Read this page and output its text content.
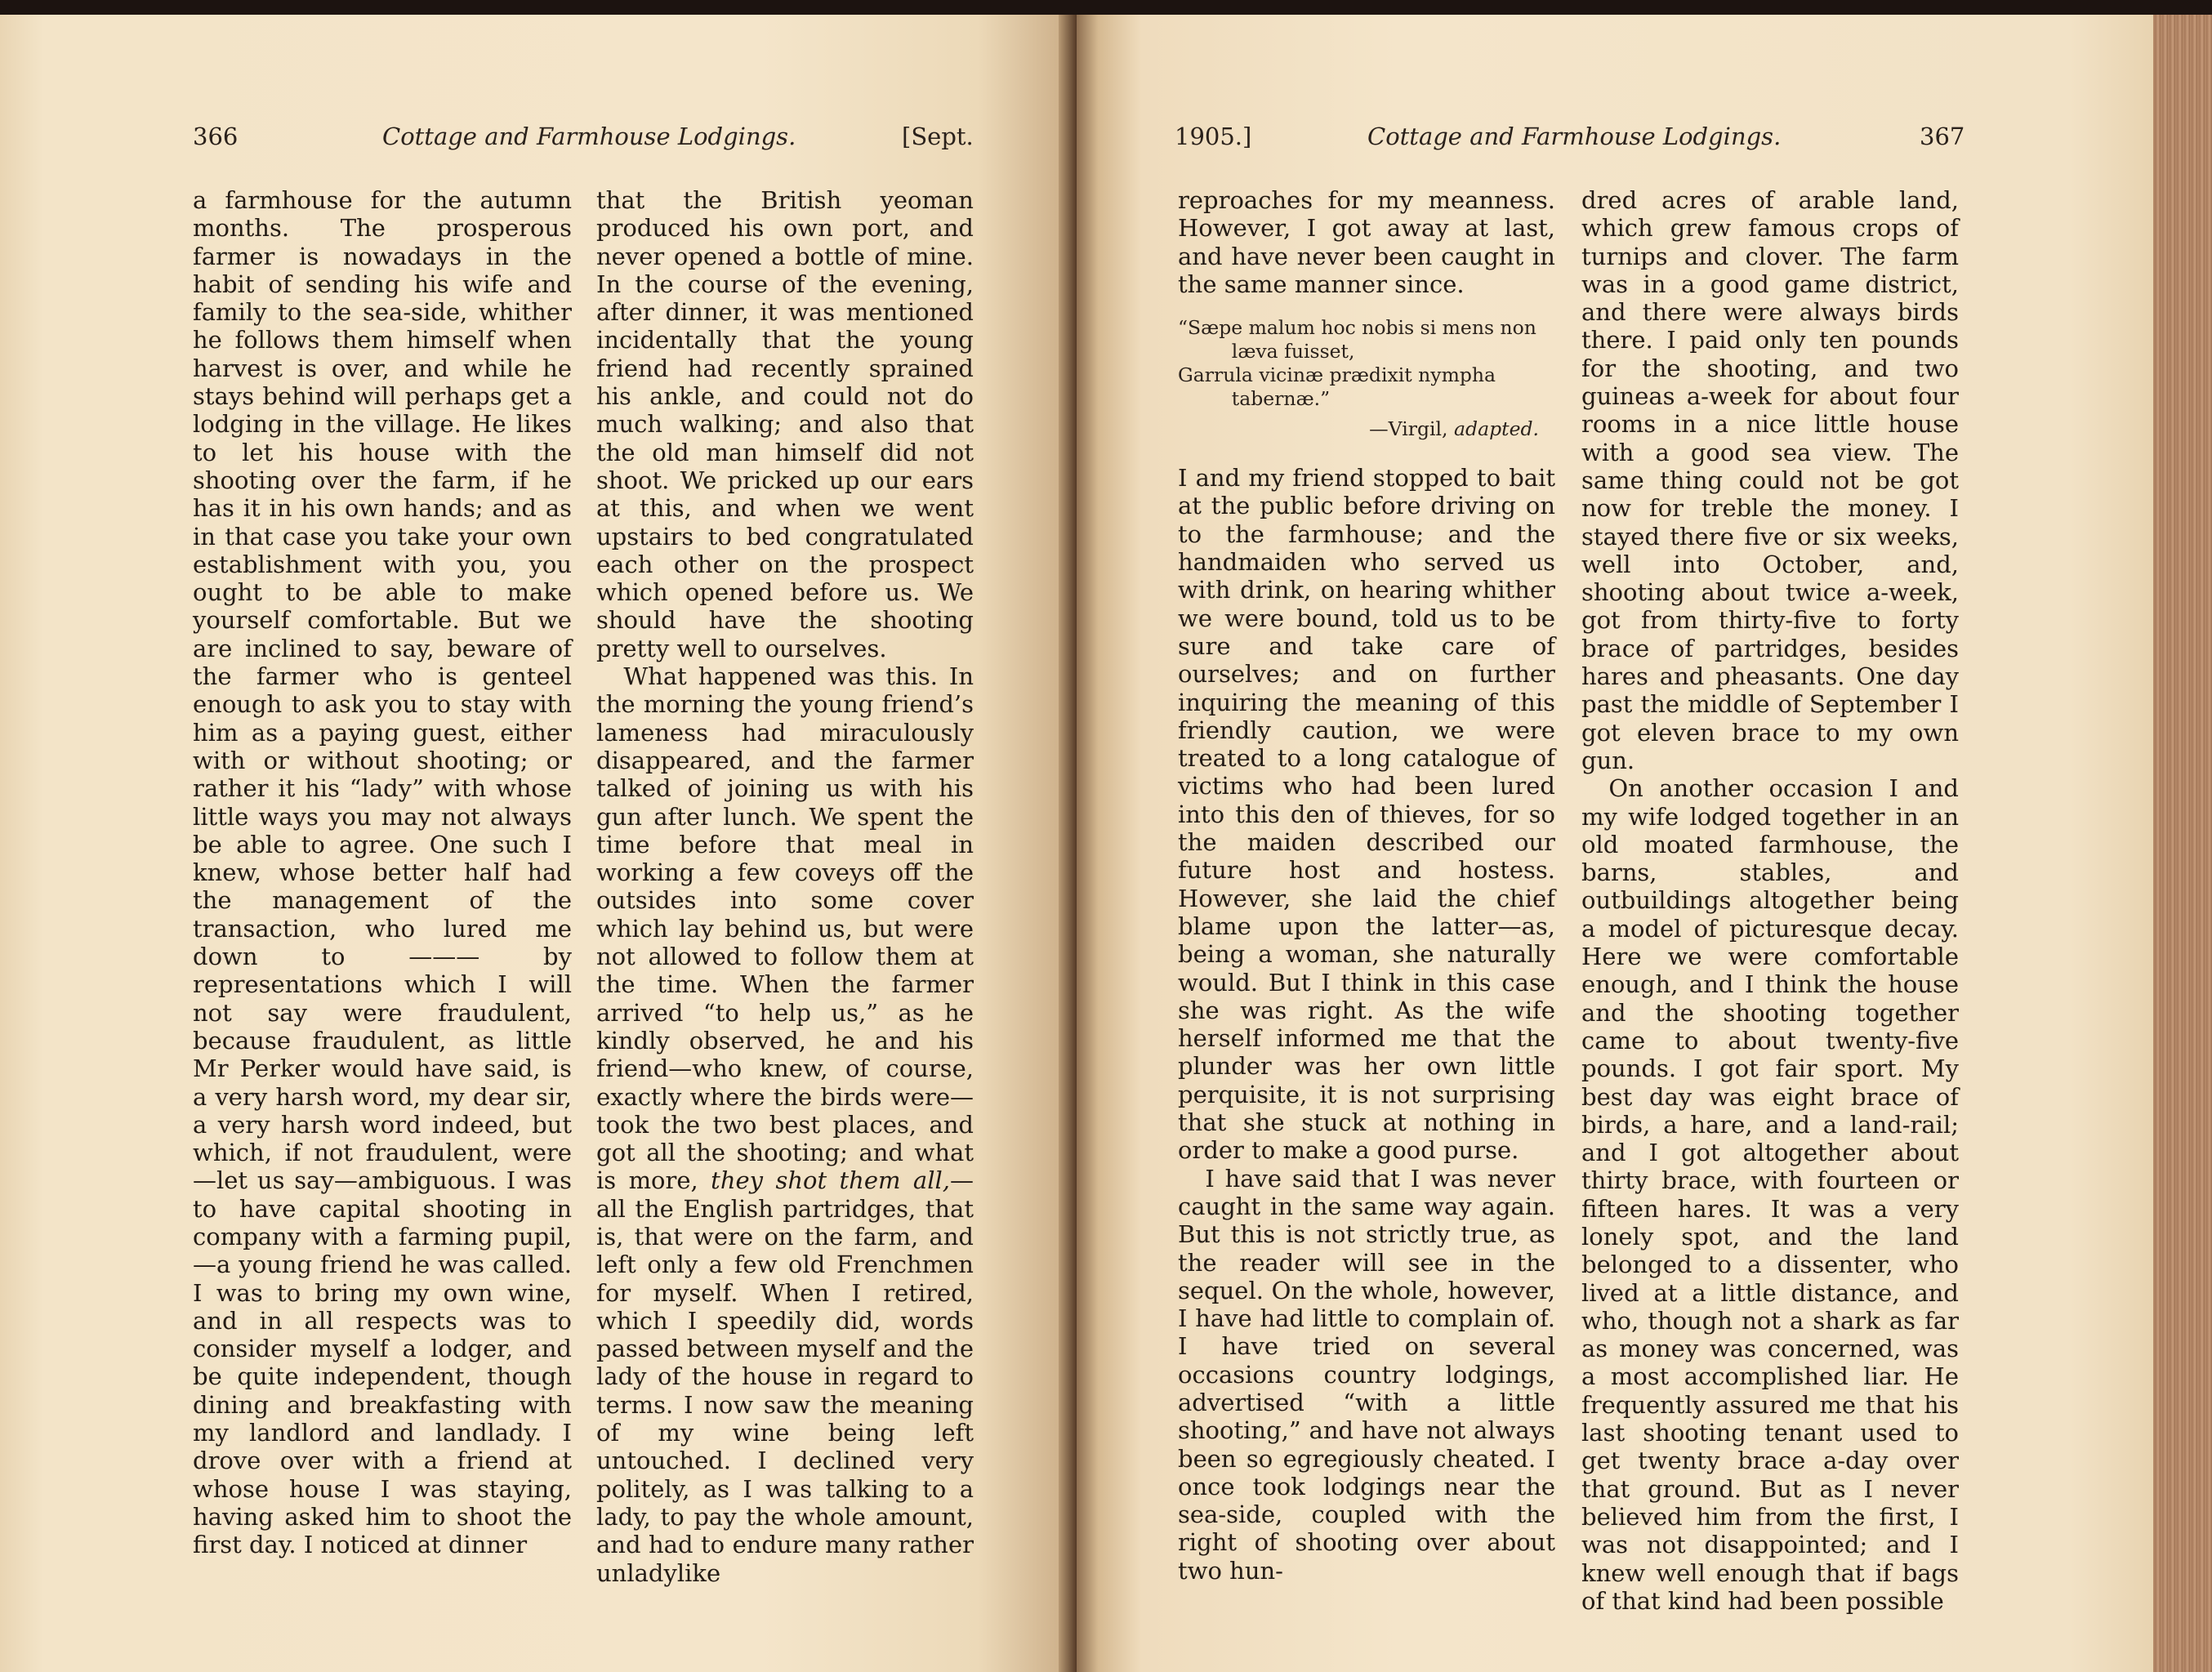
366	Cottage and Farmhouse Lodgings.	[Sept.

a farmhouse for the autumn months. The prosperous farmer is nowadays in the habit of sending his wife and family to the sea-side, whither he follows them himself when harvest is over, and while he stays behind will perhaps get a lodging in the village. He likes to let his house with the shooting over the farm, if he has it in his own hands; and as in that case you take your own establishment with you, you ought to be able to make yourself comfortable. But we are inclined to say, beware of the farmer who is genteel enough to ask you to stay with him as a paying guest, either with or without shooting; or rather it his “lady” with whose little ways you may not always be able to agree. One such I knew, whose better half had the management of the transaction, who lured me down to ——— by representations which I will not say were fraudulent, because fraudulent, as little Mr Perker would have said, is a very harsh word, my dear sir, a very harsh word indeed, but which, if not fraudulent, were—let us say—ambiguous. I was to have capital shooting in company with a farming pupil,—a young friend he was called. I was to bring my own wine, and in all respects was to consider myself a lodger, and be quite independent, though dining and breakfasting with my landlord and landlady. I drove over with a friend at whose house I was staying, having asked him to shoot the first day. I noticed at dinner

that the British yeoman produced his own port, and never opened a bottle of mine. In the course of the evening, after dinner, it was mentioned incidentally that the young friend had recently sprained his ankle, and could not do much walking; and also that the old man himself did not shoot. We pricked up our ears at this, and when we went upstairs to bed congratulated each other on the prospect which opened before us. We should have the shooting pretty well to ourselves.

What happened was this. In the morning the young friend’s lameness had miraculously disappeared, and the farmer talked of joining us with his gun after lunch. We spent the time before that meal in working a few coveys off the outsides into some cover which lay behind us, but were not allowed to follow them at the time. When the farmer arrived “to help us,” as he kindly observed, he and his friend—who knew, of course, exactly where the birds were—took the two best places, and got all the shooting; and what is more, they shot them all,—all the English partridges, that is, that were on the farm, and left only a few old Frenchmen for myself. When I retired, which I speedily did, words passed between myself and the lady of the house in regard to terms. I now saw the meaning of my wine being left untouched. I declined very politely, as I was talking to a lady, to pay the whole amount, and had to endure many rather unladylike

1905.]	Cottage and Farmhouse Lodgings.	367

reproaches for my meanness. However, I got away at last, and have never been caught in the same manner since.

“Sæpe malum hoc nobis si mens non
læva fuisset,
Garrula vicinæ prædixit nympha
tabernæ.”
—Virgil, adapted.

I and my friend stopped to bait at the public before driving on to the farmhouse; and the handmaiden who served us with drink, on hearing whither we were bound, told us to be sure and take care of ourselves; and on further inquiring the meaning of this friendly caution, we were treated to a long catalogue of victims who had been lured into this den of thieves, for so the maiden described our future host and hostess. However, she laid the chief blame upon the latter—as, being a woman, she naturally would. But I think in this case she was right. As the wife herself informed me that the plunder was her own little perquisite, it is not surprising that she stuck at nothing in order to make a good purse.

I have said that I was never caught in the same way again. But this is not strictly true, as the reader will see in the sequel. On the whole, however, I have had little to complain of. I have tried on several occasions country lodgings, advertised “with a little shooting,” and have not always been so egregiously cheated. I once took lodgings near the sea-side, coupled with the right of shooting over about two hun-

dred acres of arable land, which grew famous crops of turnips and clover. The farm was in a good game district, and there were always birds there. I paid only ten pounds for the shooting, and two guineas a-week for about four rooms in a nice little house with a good sea view. The same thing could not be got now for treble the money. I stayed there five or six weeks, well into October, and, shooting about twice a-week, got from thirty-five to forty brace of partridges, besides hares and pheasants. One day past the middle of September I got eleven brace to my own gun.

On another occasion I and my wife lodged together in an old moated farmhouse, the barns, stables, and outbuildings altogether being a model of picturesque decay. Here we were comfortable enough, and I think the house and the shooting together came to about twenty-five pounds. I got fair sport. My best day was eight brace of birds, a hare, and a land-rail; and I got altogether about thirty brace, with fourteen or fifteen hares. It was a very lonely spot, and the land belonged to a dissenter, who lived at a little distance, and who, though not a shark as far as money was concerned, was a most accomplished liar. He frequently assured me that his last shooting tenant used to get twenty brace a-day over that ground. But as I never believed him from the first, I was not disappointed; and I knew well enough that if bags of that kind had been possible
